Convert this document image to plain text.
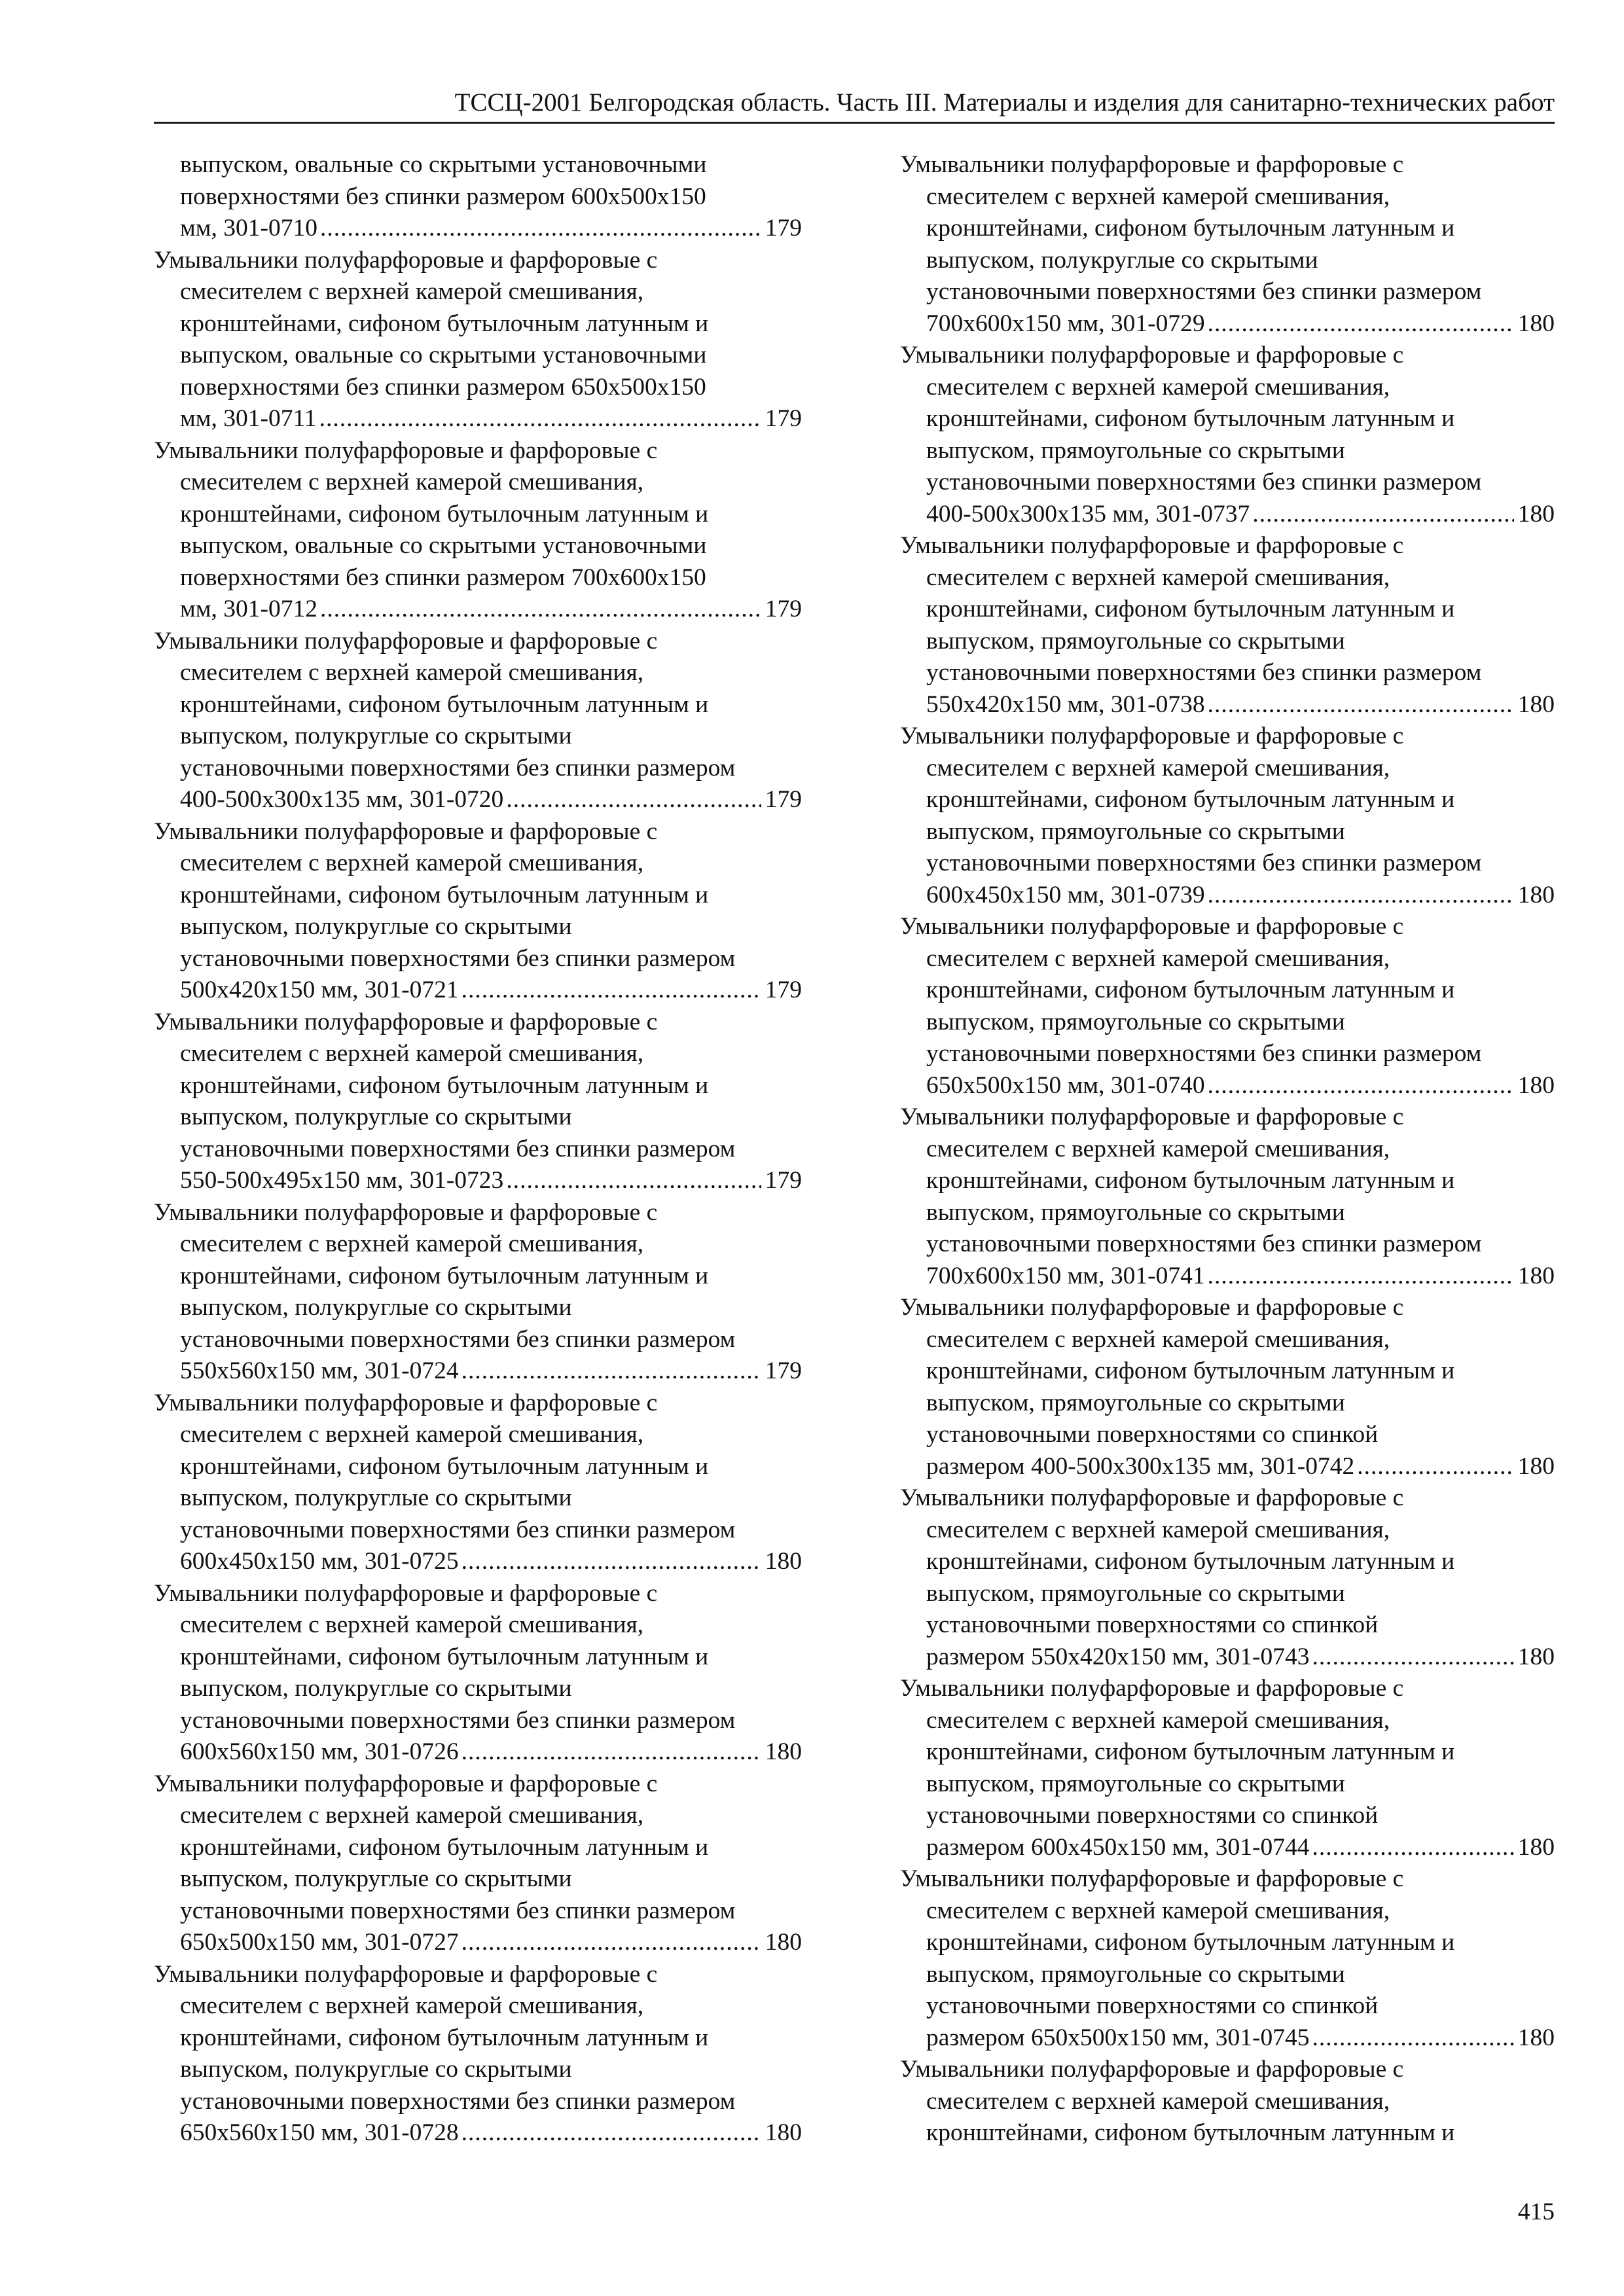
ТССЦ-2001 Белгородская область. Часть III. Материалы и изделия для санитарно-технических работ
выпуском, овальные со скрытыми установочными
поверхностями без спинки размером 600x500x150
мм, 301-0710 .....	179
Умывальники полуфарфоровые и фарфоровые с
смесителем с верхней камерой смешивания,
кронштейнами, сифоном бутылочным латунным и
выпуском, овальные со скрытыми установочными
поверхностями без спинки размером 650x500x150
мм, 301-0711 .....	179
Умывальники полуфарфоровые и фарфоровые с
смесителем с верхней камерой смешивания,
кронштейнами, сифоном бутылочным латунным и
выпуском, овальные со скрытыми установочными
поверхностями без спинки размером 700x600x150
мм, 301-0712 .....	179
Умывальники полуфарфоровые и фарфоровые с
смесителем с верхней камерой смешивания,
кронштейнами, сифоном бутылочным латунным и
выпуском, полукруглые со скрытыми
установочными поверхностями без спинки размером
400-500x300x135 мм, 301-0720 .....	179
Умывальники полуфарфоровые и фарфоровые с
смесителем с верхней камерой смешивания,
кронштейнами, сифоном бутылочным латунным и
выпуском, полукруглые со скрытыми
установочными поверхностями без спинки размером
500x420x150 мм, 301-0721 .....	179
Умывальники полуфарфоровые и фарфоровые с
смесителем с верхней камерой смешивания,
кронштейнами, сифоном бутылочным латунным и
выпуском, полукруглые со скрытыми
установочными поверхностями без спинки размером
550-500x495x150 мм, 301-0723 .....	179
Умывальники полуфарфоровые и фарфоровые с
смесителем с верхней камерой смешивания,
кронштейнами, сифоном бутылочным латунным и
выпуском, полукруглые со скрытыми
установочными поверхностями без спинки размером
550x560x150 мм, 301-0724 .....	179
Умывальники полуфарфоровые и фарфоровые с
смесителем с верхней камерой смешивания,
кронштейнами, сифоном бутылочным латунным и
выпуском, полукруглые со скрытыми
установочными поверхностями без спинки размером
600x450x150 мм, 301-0725 .....	180
Умывальники полуфарфоровые и фарфоровые с
смесителем с верхней камерой смешивания,
кронштейнами, сифоном бутылочным латунным и
выпуском, полукруглые со скрытыми
установочными поверхностями без спинки размером
600x560x150 мм, 301-0726 .....	180
Умывальники полуфарфоровые и фарфоровые с
смесителем с верхней камерой смешивания,
кронштейнами, сифоном бутылочным латунным и
выпуском, полукруглые со скрытыми
установочными поверхностями без спинки размером
650x500x150 мм, 301-0727 .....	180
Умывальники полуфарфоровые и фарфоровые с
смесителем с верхней камерой смешивания,
кронштейнами, сифоном бутылочным латунным и
выпуском, полукруглые со скрытыми
установочными поверхностями без спинки размером
650x560x150 мм, 301-0728 .....	180
Умывальники полуфарфоровые и фарфоровые с
смесителем с верхней камерой смешивания,
кронштейнами, сифоном бутылочным латунным и
выпуском, полукруглые со скрытыми
установочными поверхностями без спинки размером
700x600x150 мм, 301-0729 .....	180
Умывальники полуфарфоровые и фарфоровые с
смесителем с верхней камерой смешивания,
кронштейнами, сифоном бутылочным латунным и
выпуском, прямоугольные со скрытыми
установочными поверхностями без спинки размером
400-500x300x135 мм, 301-0737 .....	180
Умывальники полуфарфоровые и фарфоровые с
смесителем с верхней камерой смешивания,
кронштейнами, сифоном бутылочным латунным и
выпуском, прямоугольные со скрытыми
установочными поверхностями без спинки размером
550x420x150 мм, 301-0738 .....	180
Умывальники полуфарфоровые и фарфоровые с
смесителем с верхней камерой смешивания,
кронштейнами, сифоном бутылочным латунным и
выпуском, прямоугольные со скрытыми
установочными поверхностями без спинки размером
600x450x150 мм, 301-0739 .....	180
Умывальники полуфарфоровые и фарфоровые с
смесителем с верхней камерой смешивания,
кронштейнами, сифоном бутылочным латунным и
выпуском, прямоугольные со скрытыми
установочными поверхностями без спинки размером
650x500x150 мм, 301-0740 .....	180
Умывальники полуфарфоровые и фарфоровые с
смесителем с верхней камерой смешивания,
кронштейнами, сифоном бутылочным латунным и
выпуском, прямоугольные со скрытыми
установочными поверхностями без спинки размером
700x600x150 мм, 301-0741 .....	180
Умывальники полуфарфоровые и фарфоровые с
смесителем с верхней камерой смешивания,
кронштейнами, сифоном бутылочным латунным и
выпуском, прямоугольные со скрытыми
установочными поверхностями со спинкой
размером 400-500x300x135 мм, 301-0742 .....	180
Умывальники полуфарфоровые и фарфоровые с
смесителем с верхней камерой смешивания,
кронштейнами, сифоном бутылочным латунным и
выпуском, прямоугольные со скрытыми
установочными поверхностями со спинкой
размером 550x420x150 мм, 301-0743 .....	180
Умывальники полуфарфоровые и фарфоровые с
смесителем с верхней камерой смешивания,
кронштейнами, сифоном бутылочным латунным и
выпуском, прямоугольные со скрытыми
установочными поверхностями со спинкой
размером 600x450x150 мм, 301-0744 .....	180
Умывальники полуфарфоровые и фарфоровые с
смесителем с верхней камерой смешивания,
кронштейнами, сифоном бутылочным латунным и
выпуском, прямоугольные со скрытыми
установочными поверхностями со спинкой
размером 650x500x150 мм, 301-0745 .....	180
Умывальники полуфарфоровые и фарфоровые с
смесителем с верхней камерой смешивания,
кронштейнами, сифоном бутылочным латунным и
415
